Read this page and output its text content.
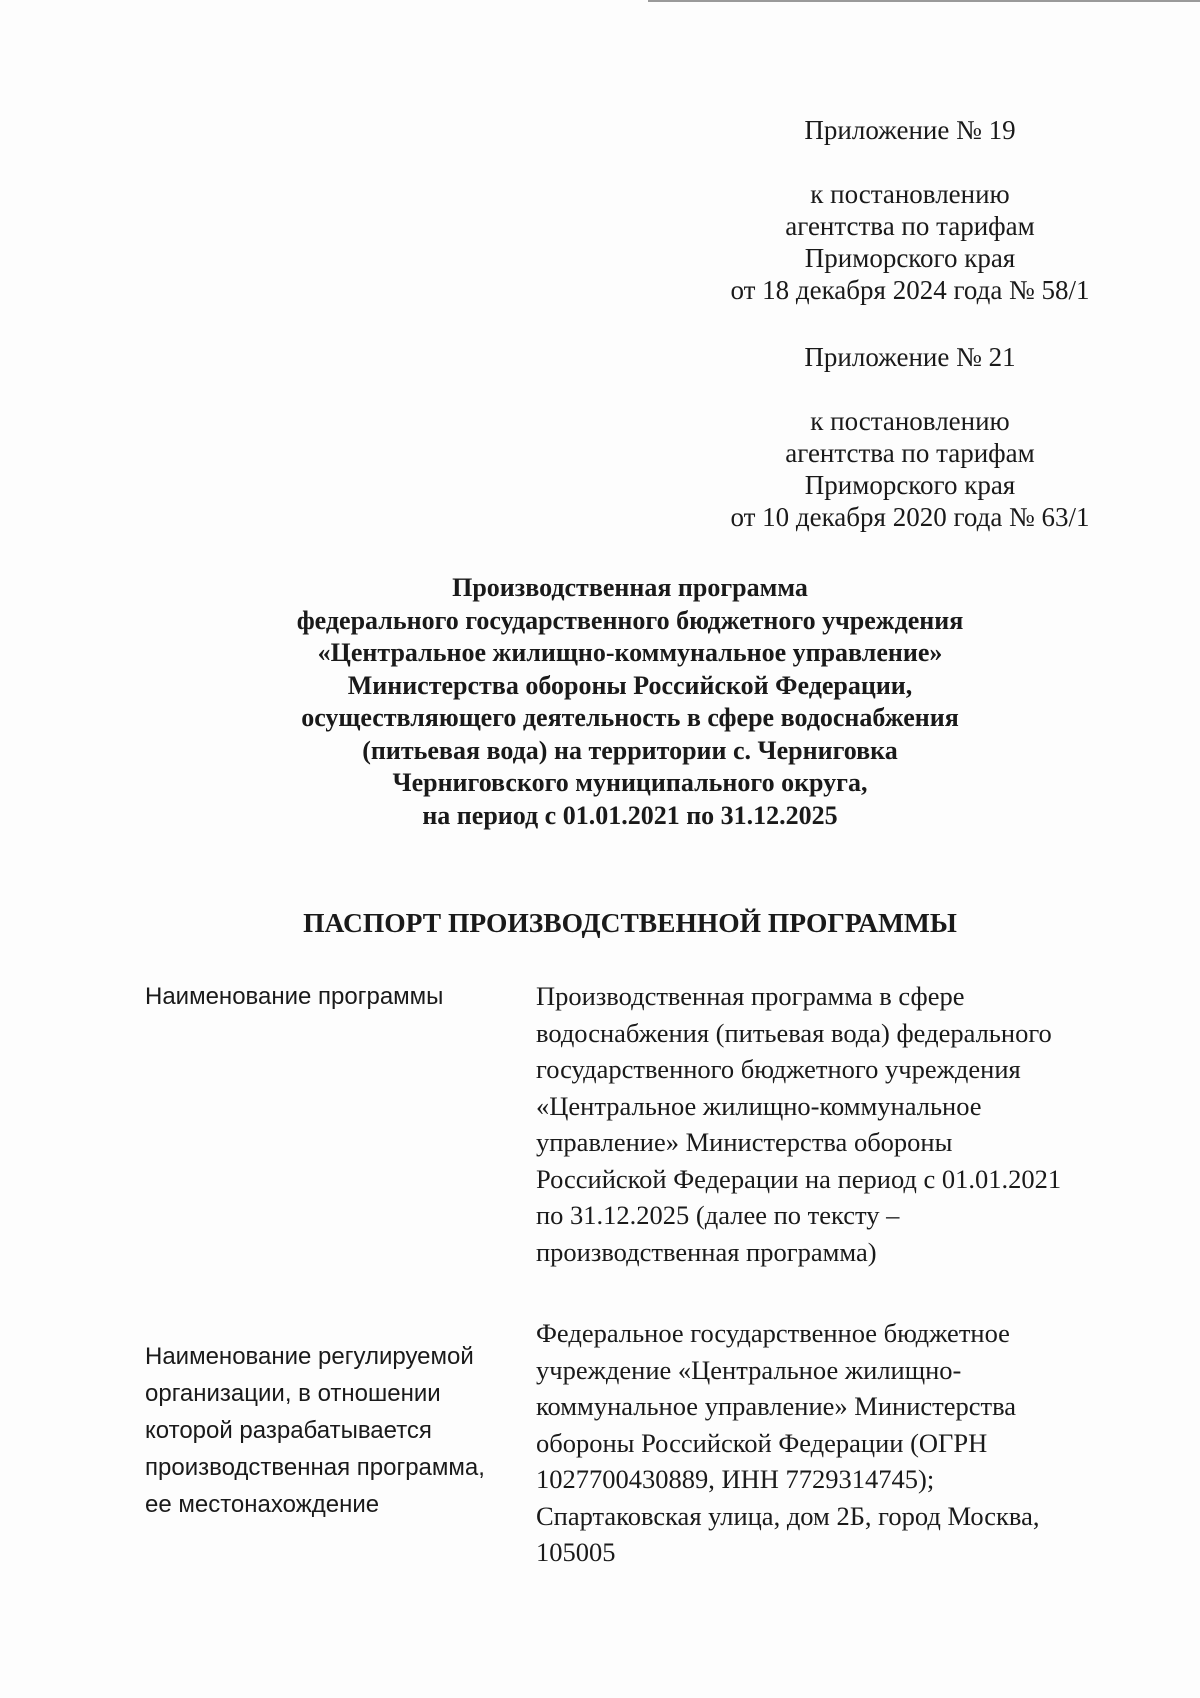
Приложение № 19
к постановлению
агентства по тарифам
Приморского края
от 18 декабря 2024 года № 58/1
Приложение № 21
к постановлению
агентства по тарифам
Приморского края
от 10 декабря 2020 года № 63/1
Производственная программа
федерального государственного бюджетного учреждения
«Центральное жилищно-коммунальное управление»
Министерства обороны Российской Федерации,
осуществляющего деятельность в сфере водоснабжения
(питьевая вода) на территории с. Черниговка
Черниговского муниципального округа,
на период с 01.01.2021 по 31.12.2025
ПАСПОРТ ПРОИЗВОДСТВЕННОЙ ПРОГРАММЫ
Наименование программы	Производственная программа в сфере
водоснабжения (питьевая вода) федерального
государственного бюджетного учреждения
«Центральное жилищно-коммунальное
управление» Министерства обороны
Российской Федерации на период с 01.01.2021
по 31.12.2025 (далее по тексту –
производственная программа)
Наименование регулируемой
организации, в отношении
которой разрабатывается
производственная программа,
ее местонахождение
Федеральное государственное бюджетное
учреждение «Центральное жилищно-
коммунальное управление» Министерства
обороны Российской Федерации (ОГРН
1027700430889, ИНН 7729314745);
Спартаковская улица, дом 2Б, город Москва,
105005
